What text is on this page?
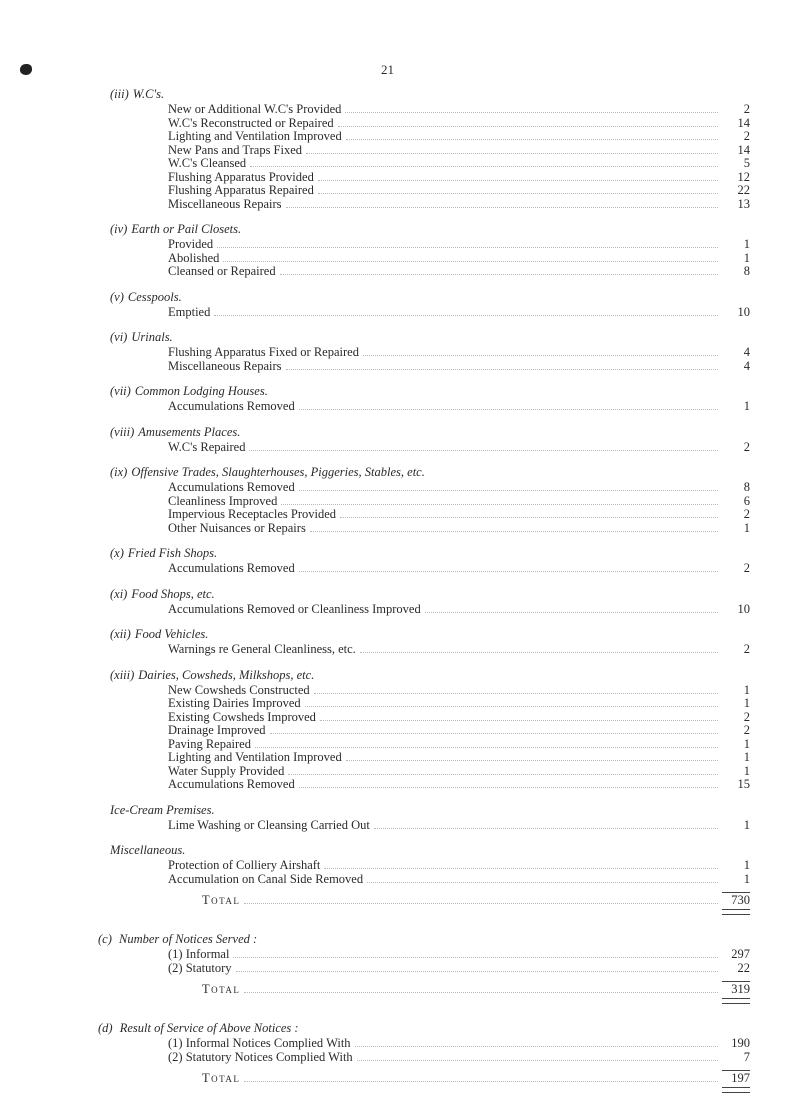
21
(iii) W.C's.
New or Additional W.C's Provided	2
W.C's Reconstructed or Repaired	14
Lighting and Ventilation Improved	2
New Pans and Traps Fixed	14
W.C's Cleansed	5
Flushing Apparatus Provided	12
Flushing Apparatus Repaired	22
Miscellaneous Repairs	13
(iv) Earth or Pail Closets.
Provided	1
Abolished	1
Cleansed or Repaired	8
(v) Cesspools.
Emptied	10
(vi) Urinals.
Flushing Apparatus Fixed or Repaired	4
Miscellaneous Repairs	4
(vii) Common Lodging Houses.
Accumulations Removed	1
(viii) Amusements Places.
W.C's Repaired	2
(ix) Offensive Trades, Slaughterhouses, Piggeries, Stables, etc.
Accumulations Removed	8
Cleanliness Improved	6
Impervious Receptacles Provided	2
Other Nuisances or Repairs	1
(x) Fried Fish Shops.
Accumulations Removed	2
(xi) Food Shops, etc.
Accumulations Removed or Cleanliness Improved	10
(xii) Food Vehicles.
Warnings re General Cleanliness, etc.	2
(xiii) Dairies, Cowsheds, Milkshops, etc.
New Cowsheds Constructed	1
Existing Dairies Improved	1
Existing Cowsheds Improved	2
Drainage Improved	2
Paving Repaired	1
Lighting and Ventilation Improved	1
Water Supply Provided	1
Accumulations Removed	15
Ice-Cream Premises.
Lime Washing or Cleansing Carried Out	1
Miscellaneous.
Protection of Colliery Airshaft	1
Accumulation on Canal Side Removed	1
Total	730
(c) Number of Notices Served :
(1) Informal	297
(2) Statutory	22
Total	319
(d) Result of Service of Above Notices :
(1) Informal Notices Complied With	190
(2) Statutory Notices Complied With	7
Total	197
